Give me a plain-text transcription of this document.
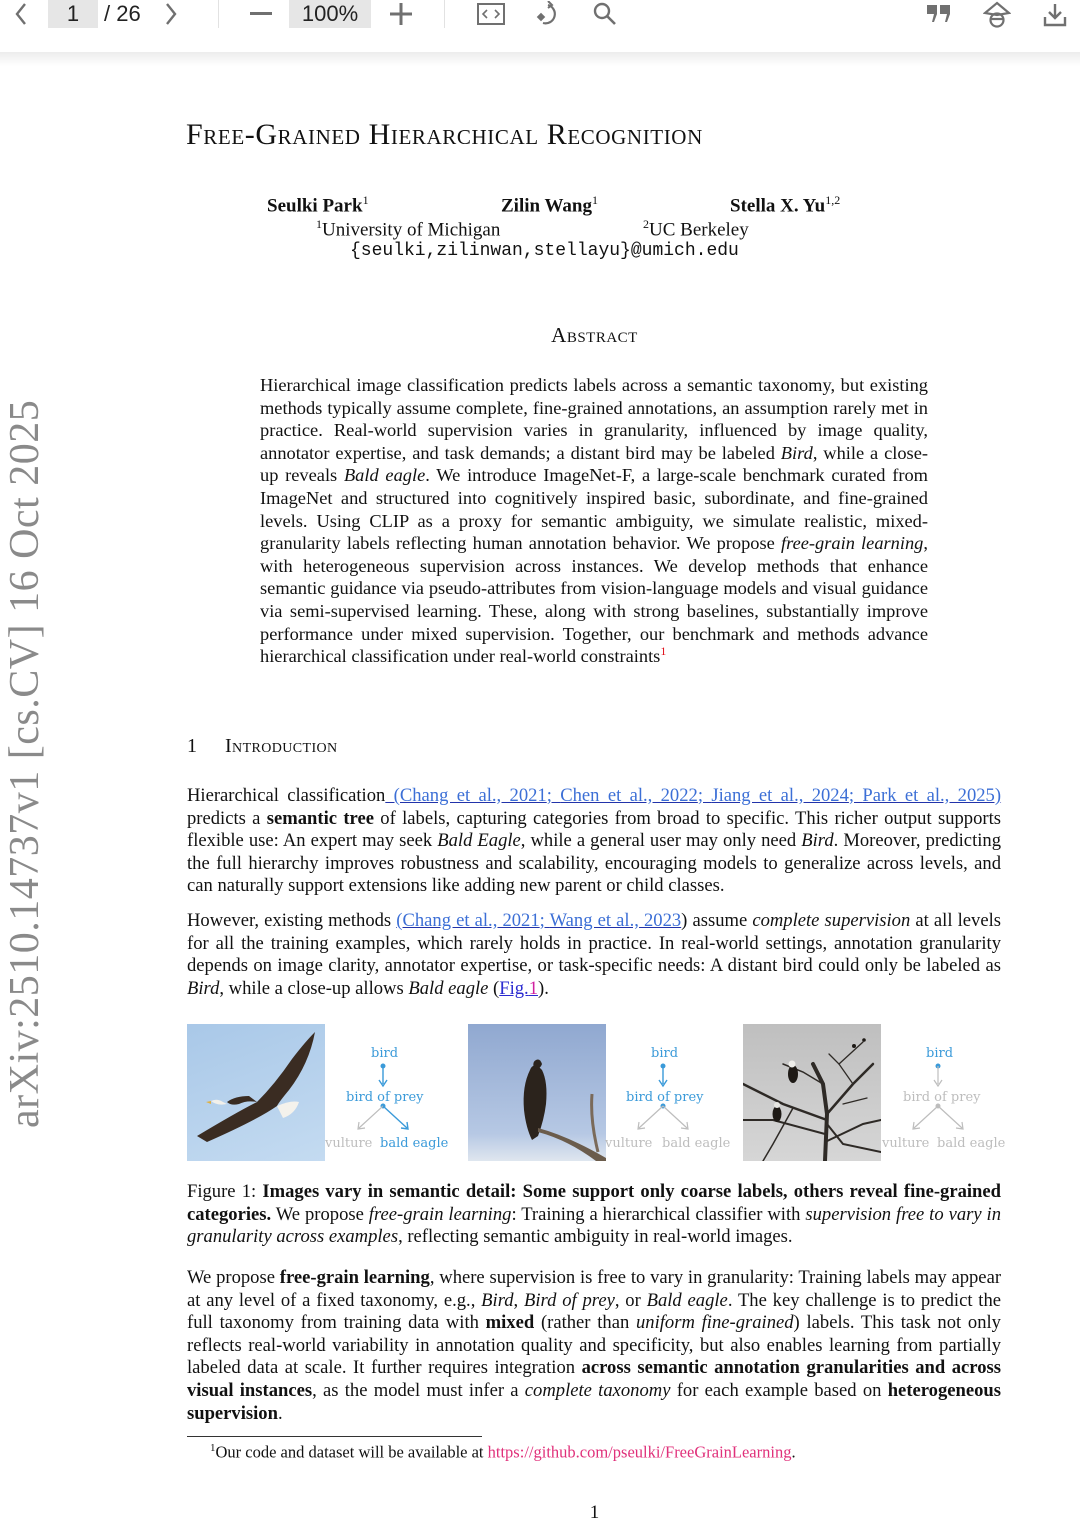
1	/ 26	100%
arXiv:2510.14737v1 [cs.CV] 16 Oct 2025
Free-Grained Hierarchical Recognition
Seulki Park$^1$	Zilin Wang$^1$	Stella X. Yu$^{1,2}$
$^1$University of Michigan	$^2$UC Berkeley
{seulki,zilinwan,stellayu}@umich.edu
Abstract
Hierarchical image classification predicts labels across a semantic taxonomy, but existing methods typically assume complete, fine-grained annotations, an assumption rarely met in practice. Real-world supervision varies in granularity, influenced by image quality, annotator expertise, and task demands; a distant bird may be labeled Bird, while a close-up reveals Bald eagle. We introduce ImageNet-F, a large-scale benchmark curated from ImageNet and structured into cognitively inspired basic, subordinate, and fine-grained levels. Using CLIP as a proxy for semantic ambiguity, we simulate realistic, mixed-granularity labels reflecting human annotation behavior. We propose free-grain learning, with heterogeneous supervision across instances. We develop methods that enhance semantic guidance via pseudo-attributes from vision-language models and visual guidance via semi-supervised learning. These, along with strong baselines, substantially improve performance under mixed supervision. Together, our benchmark and methods advance hierarchical classification under real-world constraints$^1$
1 Introduction
Hierarchical classification (Chang et al., 2021; Chen et al., 2022; Jiang et al., 2024; Park et al., 2025) predicts a semantic tree of labels, capturing categories from broad to specific. This richer output supports flexible use: An expert may seek Bald Eagle, while a general user may only need Bird. Moreover, predicting the full hierarchy improves robustness and scalability, encouraging models to generalize across levels, and can naturally support extensions like adding new parent or child classes.
However, existing methods (Chang et al., 2021; Wang et al., 2023) assume complete supervision at all levels for all the training examples, which rarely holds in practice. In real-world settings, annotation granularity depends on image clarity, annotator expertise, or task-specific needs: A distant bird could only be labeled as Bird, while a close-up allows Bald eagle (Fig.1).
bird
bird of prey
vulture bald eagle
bird
bird of prey
vulture bald eagle
bird
bird of prey
vulture bald eagle
Figure 1: Images vary in semantic detail: Some support only coarse labels, others reveal fine-grained categories. We propose free-grain learning: Training a hierarchical classifier with supervision free to vary in granularity across examples, reflecting semantic ambiguity in real-world images.
We propose free-grain learning, where supervision is free to vary in granularity: Training labels may appear at any level of a fixed taxonomy, e.g., Bird, Bird of prey, or Bald eagle. The key challenge is to predict the full taxonomy from training data with mixed (rather than uniform fine-grained) labels. This task not only reflects real-world variability in annotation quality and specificity, but also enables learning from partially labeled data at scale. It further requires integration across semantic annotation granularities and across visual instances, as the model must infer a complete taxonomy for each example based on heterogeneous supervision.
$^1$Our code and dataset will be available at https://github.com/pseulki/FreeGrainLearning.
1
